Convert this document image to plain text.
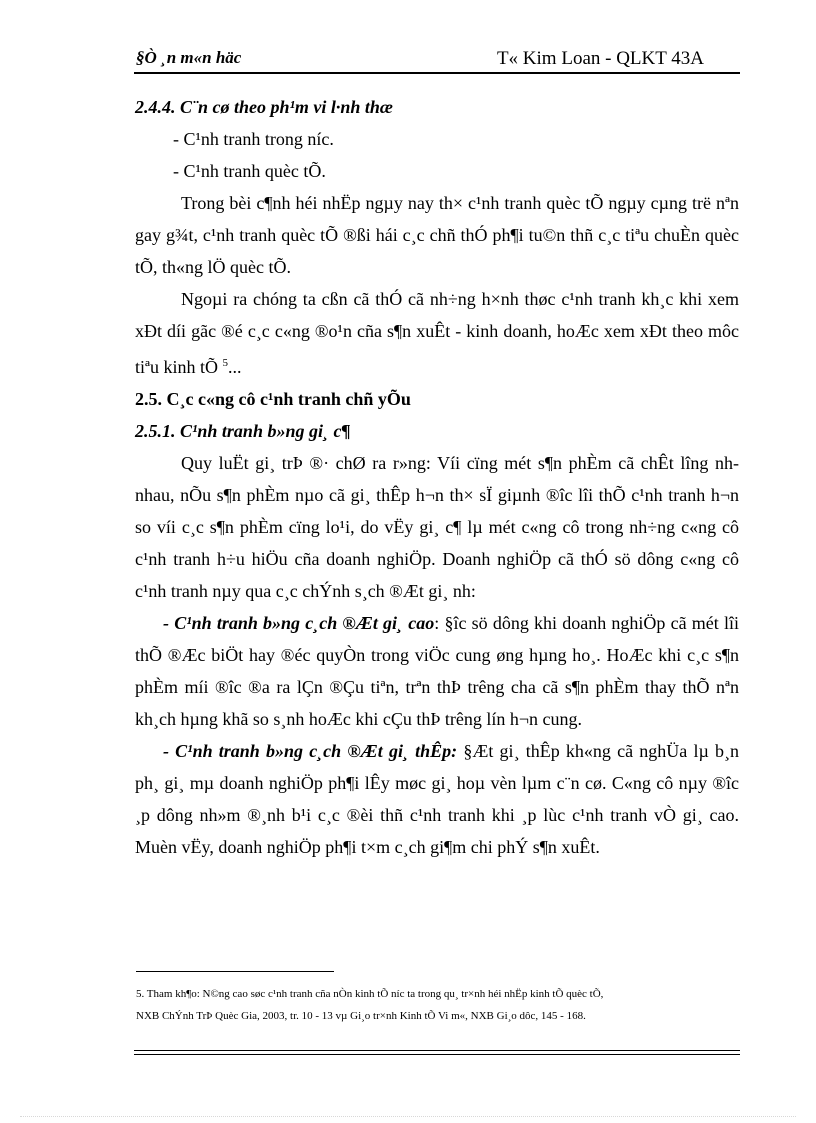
§Ò ¸n m«n häc	T« Kim Loan - QLKT 43A

2.4.4. C¨n cø theo ph¹m vi l·nh thæ

- C¹nh tranh trong níc.

- C¹nh tranh quèc tÕ.

Trong bèi c¶nh héi nhËp ngµy nay th× c¹nh tranh quèc tÕ ngµy cµng trë nªn gay g¾t, c¹nh tranh quèc tÕ ®ßi hái c¸c chñ thÓ ph¶i tu©n thñ c¸c tiªu chuÈn quèc tÕ, th«ng lÖ quèc tÕ.

Ngoµi ra chóng ta cßn cã thÓ cã nh÷ng h×nh thøc c¹nh tranh kh¸c khi xem xÐt díi gãc ®é c¸c c«ng ®o¹n cña s¶n xuÊt - kinh doanh, hoÆc xem xÐt theo môc tiªu kinh tÕ $^5$...

2.5. C¸c c«ng cô c¹nh tranh chñ yÕu

2.5.1. C¹nh tranh b»ng gi¸ c¶

Quy luËt gi¸ trÞ ®· chØ ra r»ng: Víi cïng mét s¶n phÈm cã chÊt lîng nh nhau, nÕu s¶n phÈm nµo cã gi¸ thÊp h¬n th× sÏ giµnh ®îc lîi thÕ c¹nh tranh h¬n so víi c¸c s¶n phÈm cïng lo¹i, do vËy gi¸ c¶ lµ mét c«ng cô trong nh÷ng c«ng cô c¹nh tranh h÷u hiÖu cña doanh nghiÖp. Doanh nghiÖp cã thÓ sö dông c«ng cô c¹nh tranh nµy qua c¸c chÝnh s¸ch ®Æt gi¸ nh:

- C¹nh tranh b»ng c¸ch ®Æt gi¸ cao: §îc sö dông khi doanh nghiÖp cã mét lîi thÕ ®Æc biÖt hay ®éc quyÒn trong viÖc cung øng hµng ho¸. HoÆc khi c¸c s¶n phÈm míi ®îc ®a ra lÇn ®Çu tiªn, trªn thÞ trêng cha cã s¶n phÈm thay thÕ nªn kh¸ch hµng khã so s¸nh hoÆc khi cÇu thÞ trêng lín h¬n cung.

- C¹nh tranh b»ng c¸ch ®Æt gi¸ thÊp: §Æt gi¸ thÊp kh«ng cã nghÜa lµ b¸n ph¸ gi¸ mµ doanh nghiÖp ph¶i lÊy møc gi¸ hoµ vèn lµm c¨n cø. C«ng cô nµy ®îc ¸p dông nh»m ®¸nh b¹i c¸c ®èi thñ c¹nh tranh khi ¸p lùc c¹nh tranh vÒ gi¸ cao. Muèn vËy, doanh nghiÖp ph¶i t×m c¸ch gi¶m chi phÝ s¶n xuÊt.

5. Tham kh¶o: N©ng cao søc c¹nh tranh cña nÒn kinh tÕ níc ta trong qu¸ tr×nh héi nhËp kinh tÕ quèc tÕ,

NXB ChÝnh TrÞ Quèc Gia, 2003, tr. 10 - 13 vµ Gi¸o tr×nh Kinh tÕ Vi m«, NXB Gi¸o dôc, 145 - 168.
